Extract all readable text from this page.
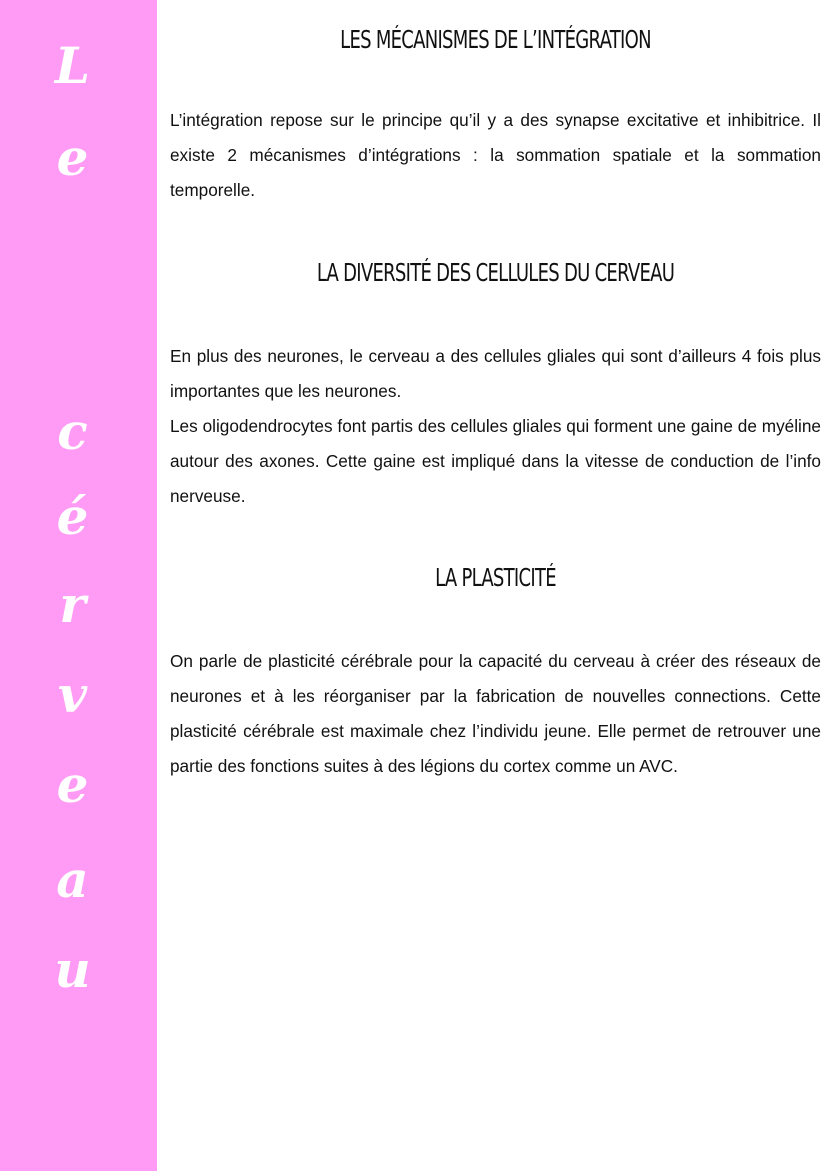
L
e
c
é
r
v
e
a
u
LES MÉCANISMES DE L’INTÉGRATION

L’intégration repose sur le principe qu’il y a des synapse excitative et inhibitrice. Il existe 2 mécanismes d’intégrations : la sommation spatiale et la sommation temporelle.

LA DIVERSITÉ DES CELLULES DU CERVEAU

En plus des neurones, le cerveau a des cellules gliales qui sont d’ailleurs 4 fois plus importantes que les neurones.

Les oligodendrocytes font partis des cellules gliales qui forment une gaine de myéline autour des axones. Cette gaine est impliqué dans la vitesse de conduction de l’info nerveuse.

LA PLASTICITÉ

On parle de plasticité cérébrale pour la capacité du cerveau à créer des réseaux de neurones et à les réorganiser par la fabrication de nouvelles connections. Cette plasticité cérébrale est maximale chez l’individu jeune. Elle permet de retrouver une partie des fonctions suites à des légions du cortex comme un AVC.
